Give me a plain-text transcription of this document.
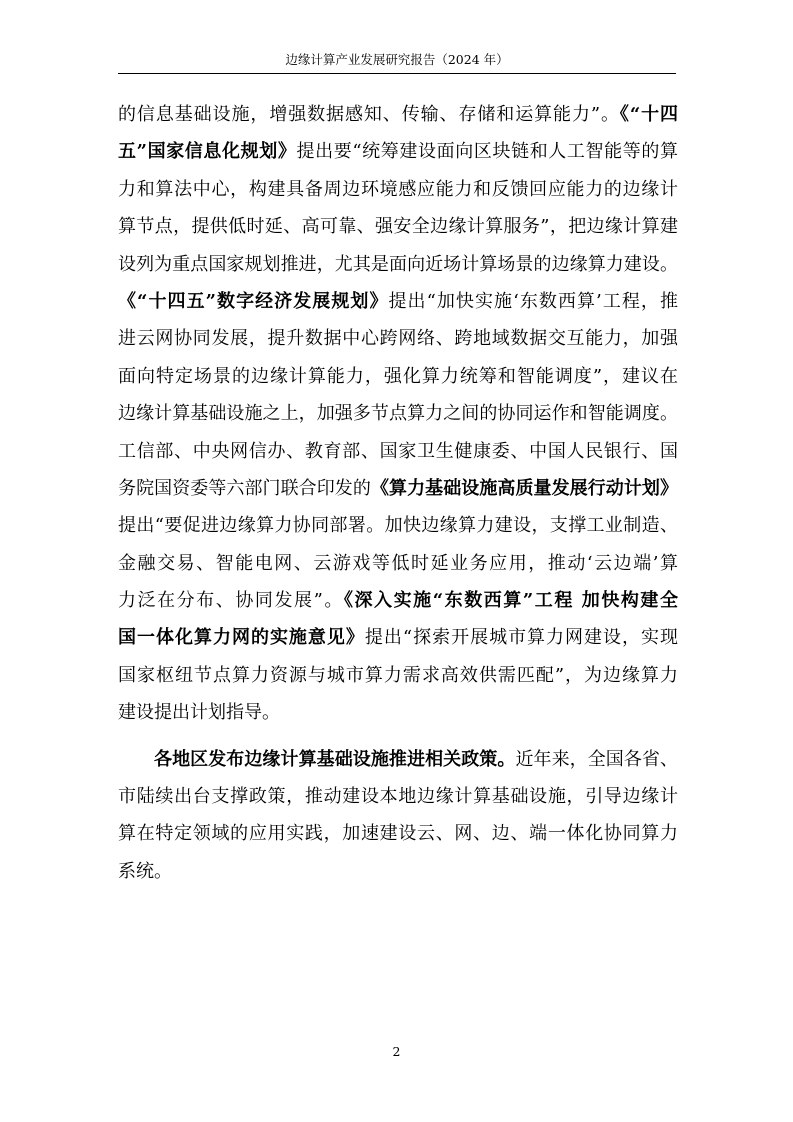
边缘计算产业发展研究报告（2024 年）
的信息基础设施，增强数据感知、传输、存储和运算能力”。《“十四
五”国家信息化规划》提出要“统筹建设面向区块链和人工智能等的算
力和算法中心，构建具备周边环境感应能力和反馈回应能力的边缘计
算节点，提供低时延、高可靠、强安全边缘计算服务”，把边缘计算建
设列为重点国家规划推进，尤其是面向近场计算场景的边缘算力建设。
《“十四五”数字经济发展规划》提出“加快实施‘东数西算’工程，推
进云网协同发展，提升数据中心跨网络、跨地域数据交互能力，加强
面向特定场景的边缘计算能力，强化算力统筹和智能调度”，建议在
边缘计算基础设施之上，加强多节点算力之间的协同运作和智能调度。
工信部、中央网信办、教育部、国家卫生健康委、中国人民银行、国
务院国资委等六部门联合印发的《算力基础设施高质量发展行动计划》
提出“要促进边缘算力协同部署。加快边缘算力建设，支撑工业制造、
金融交易、智能电网、云游戏等低时延业务应用，推动‘云边端’算
力泛在分布、协同发展”。《深入实施“东数西算”工程 加快构建全
国一体化算力网的实施意见》提出“探索开展城市算力网建设，实现
国家枢纽节点算力资源与城市算力需求高效供需匹配”，为边缘算力
建设提出计划指导。
各地区发布边缘计算基础设施推进相关政策。近年来，全国各省、
市陆续出台支撑政策，推动建设本地边缘计算基础设施，引导边缘计
算在特定领域的应用实践，加速建设云、网、边、端一体化协同算力
系统。
2
